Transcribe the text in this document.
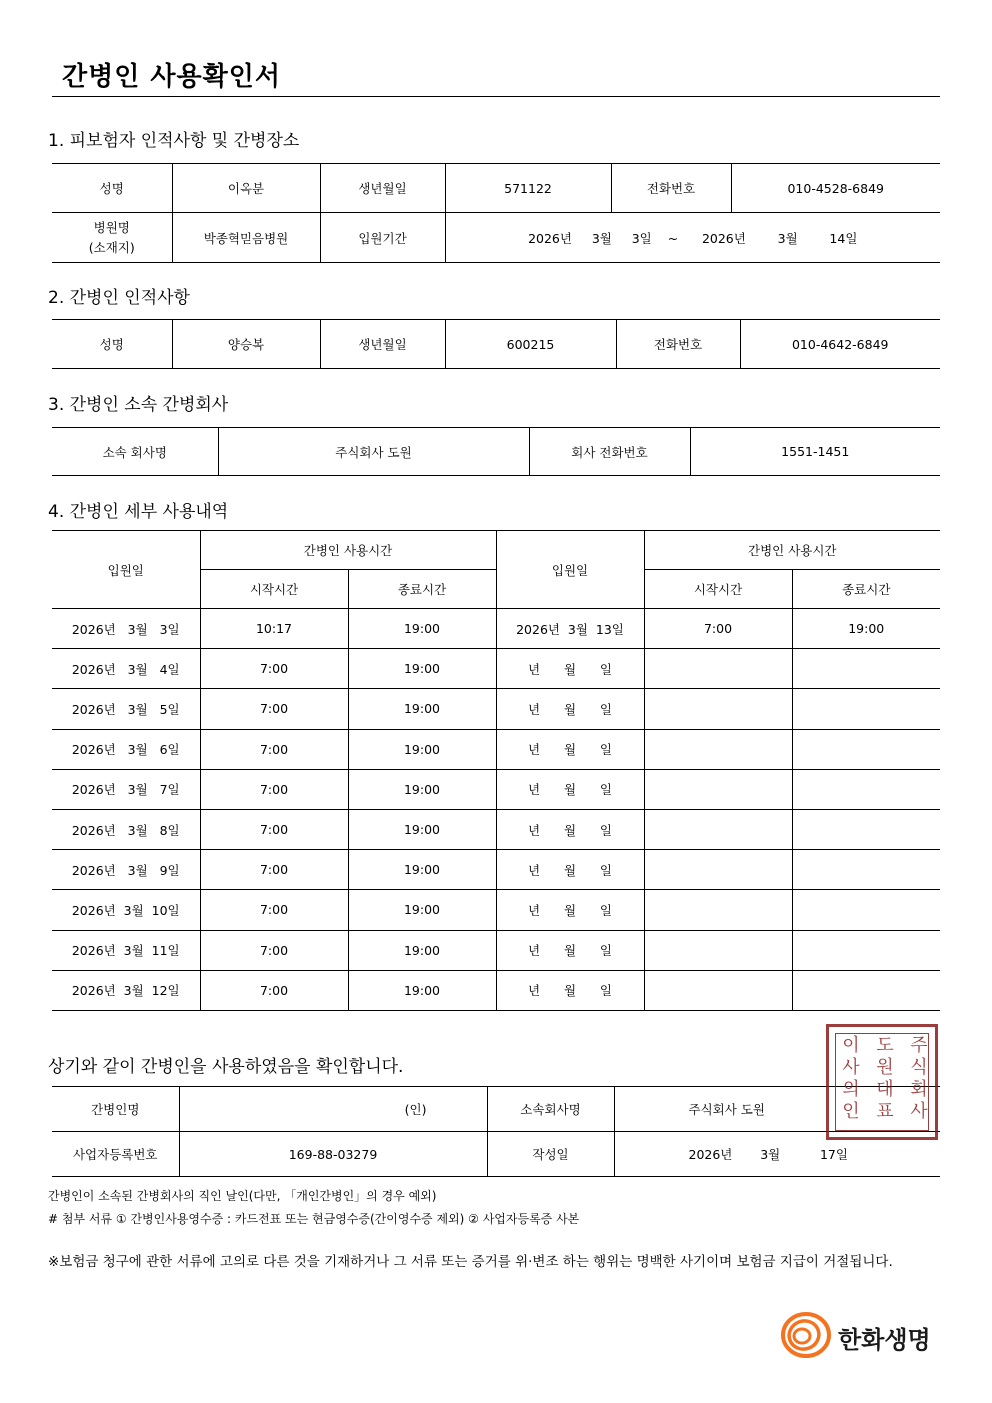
간병인 사용확인서
1. 피보험자 인적사항 및 간병장소
성명	이옥분	생년월일	571122	전화번호	010-4528-6849

병원명
(소재지)	박종혁믿음병원	입원기간	2026년     3월     3일    ~      2026년        3월        14일		
2. 간병인 인적사항
성명	양승복	생년월일	600215	전화번호	010-4642-6849
3. 간병인 소속 간병회사
소속 회사명	주식회사 도원	회사 전화번호	1551-1451
4. 간병인 세부 사용내역
입원일	간병인 사용시간		입원일	간병인 사용시간	
	시작시간	종료시간		시작시간	종료시간
2026년   3월   3일	10:17	19:00	2026년  3월  13일	7:00	19:00
2026년   3월   4일	7:00	19:00	년      월      일		
2026년   3월   5일	7:00	19:00	년      월      일		
2026년   3월   6일	7:00	19:00	년      월      일		
2026년   3월   7일	7:00	19:00	년      월      일		
2026년   3월   8일	7:00	19:00	년      월      일		
2026년   3월   9일	7:00	19:00	년      월      일		
2026년  3월  10일	7:00	19:00	년      월      일		
2026년  3월  11일	7:00	19:00	년      월      일		
2026년  3월  12일	7:00	19:00	년      월      일		
상기와 같이 간병인을 사용하였음을 확인합니다.
간병인명	(인)	소속회사명	주식회사 도원
사업자등록번호	169-88-03279	작성일	2026년       3월          17일
주식회사
도원대표
이사의인
간병인이 소속된 간병회사의 직인 날인(다만, 「개인간병인」의 경우 예외)
# 첨부 서류 ① 간병인사용영수증 : 카드전표 또는 현금영수증(간이영수증 제외) ② 사업자등록증 사본
※보험금 청구에 관한 서류에 고의로 다른 것을 기재하거나 그 서류 또는 증거를 위·변조 하는 행위는 명백한 사기이며 보험금 지급이 거절됩니다.
한화생명
